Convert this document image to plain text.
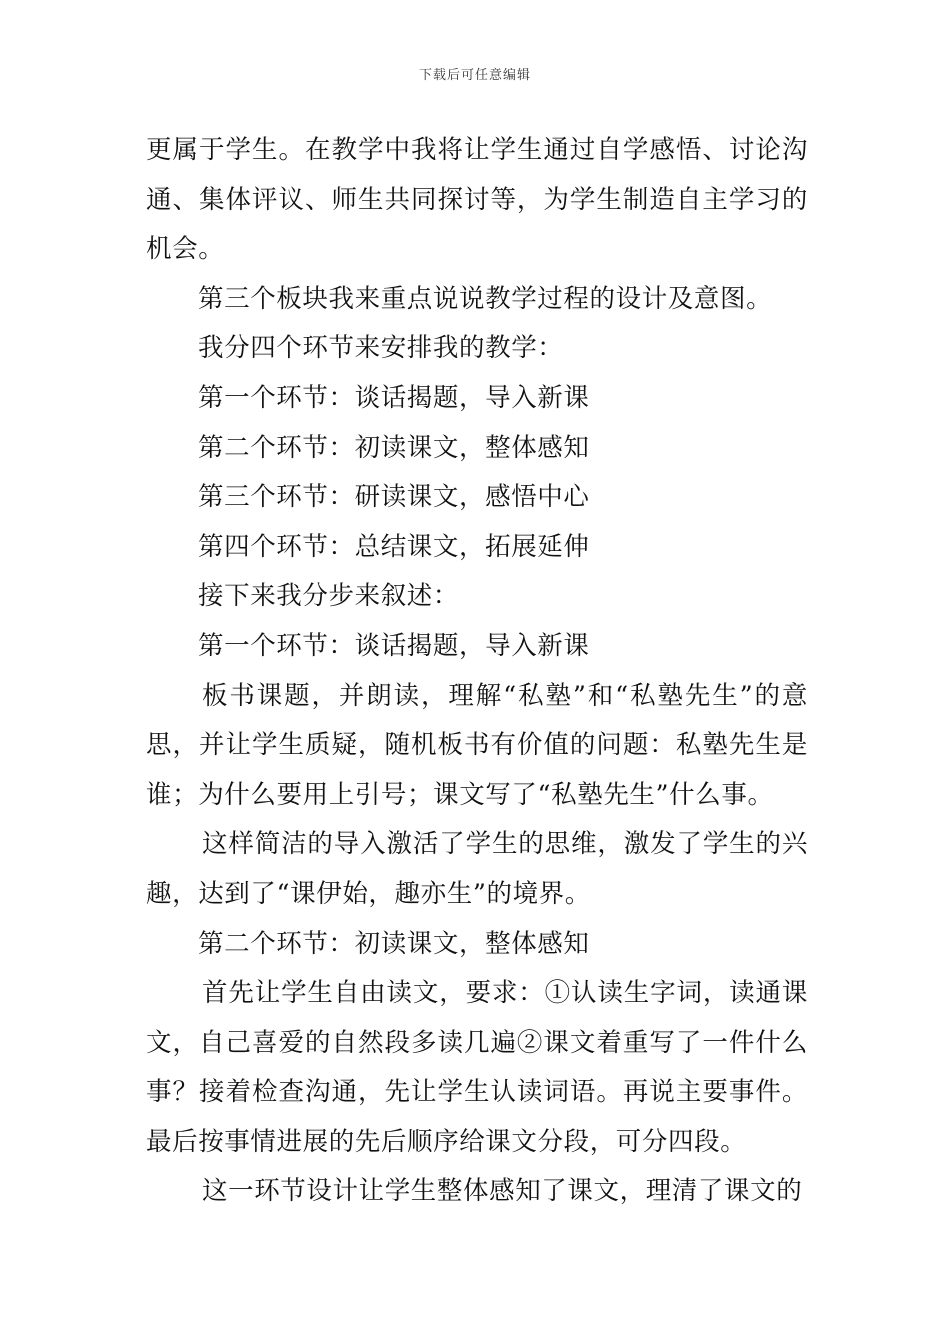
下载后可任意编辑

更属于学生。在教学中我将让学生通过自学感悟、讨论沟通、集体评议、师生共同探讨等，为学生制造自主学习的机会。

第三个板块我来重点说说教学过程的设计及意图。

我分四个环节来安排我的教学：

第一个环节：谈话揭题，导入新课

第二个环节：初读课文，整体感知

第三个环节：研读课文，感悟中心

第四个环节：总结课文，拓展延伸

接下来我分步来叙述：

第一个环节：谈话揭题，导入新课

板书课题，并朗读，理解“私塾”和“私塾先生”的意思，并让学生质疑，随机板书有价值的问题：私塾先生是谁；为什么要用上引号；课文写了“私塾先生”什么事。

这样简洁的导入激活了学生的思维，激发了学生的兴趣，达到了“课伊始，趣亦生”的境界。

第二个环节：初读课文，整体感知

首先让学生自由读文，要求：①认读生字词，读通课文，自己喜爱的自然段多读几遍②课文着重写了一件什么事？接着检查沟通，先让学生认读词语。再说主要事件。最后按事情进展的先后顺序给课文分段，可分四段。

这一环节设计让学生整体感知了课文，理清了课文的
